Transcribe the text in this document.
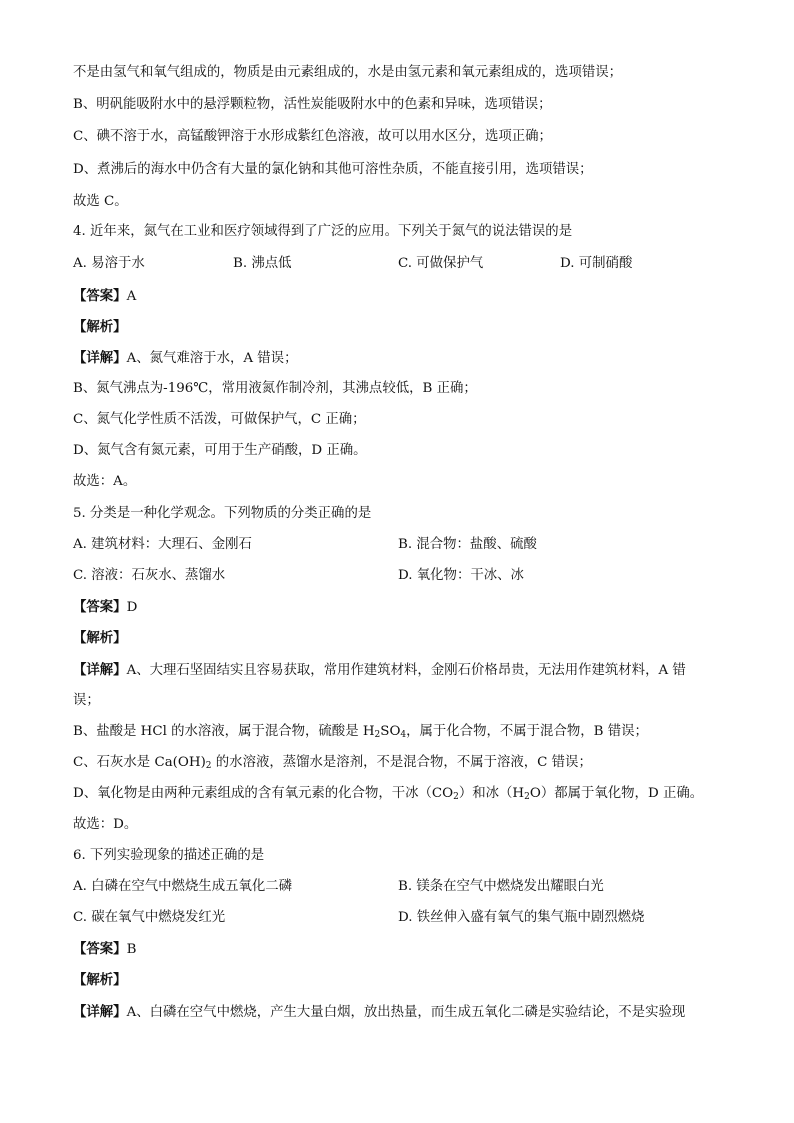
不是由氢气和氧气组成的，物质是由元素组成的，水是由氢元素和氧元素组成的，选项错误；
B、明矾能吸附水中的悬浮颗粒物，活性炭能吸附水中的色素和异味，选项错误；
C、碘不溶于水，高锰酸钾溶于水形成紫红色溶液，故可以用水区分，选项正确；
D、煮沸后的海水中仍含有大量的氯化钠和其他可溶性杂质，不能直接引用，选项错误；
故选 C。
4. 近年来，氮气在工业和医疗领域得到了广泛的应用。下列关于氮气的说法错误的是
A. 易溶于水	B. 沸点低	C. 可做保护气	D. 可制硝酸
【答案】A
【解析】
【详解】A、氮气难溶于水，A 错误；
B、氮气沸点为-196℃，常用液氮作制冷剂，其沸点较低，B 正确；
C、氮气化学性质不活泼，可做保护气，C 正确；
D、氮气含有氮元素，可用于生产硝酸，D 正确。
故选：A。
5. 分类是一种化学观念。下列物质的分类正确的是
A. 建筑材料：大理石、金刚石	B. 混合物：盐酸、硫酸
C. 溶液：石灰水、蒸馏水	D. 氧化物：干冰、冰
【答案】D
【解析】
【详解】A、大理石坚固结实且容易获取，常用作建筑材料，金刚石价格昂贵，无法用作建筑材料，A 错
误；
B、盐酸是 HCl 的水溶液，属于混合物，硫酸是 $H_2SO_4$，属于化合物，不属于混合物，B 错误；
C、石灰水是 $Ca(OH)_2$ 的水溶液，蒸馏水是溶剂，不是混合物，不属于溶液，C 错误；
D、氧化物是由两种元素组成的含有氧元素的化合物，干冰$(CO_2)$和冰$(H_2O)$都属于氧化物，D 正确。
故选：D。
6. 下列实验现象的描述正确的是
A. 白磷在空气中燃烧生成五氧化二磷	B. 镁条在空气中燃烧发出耀眼白光
C. 碳在氧气中燃烧发红光	D. 铁丝伸入盛有氧气的集气瓶中剧烈燃烧
【答案】B
【解析】
【详解】A、白磷在空气中燃烧，产生大量白烟，放出热量，而生成五氧化二磷是实验结论，不是实验现
